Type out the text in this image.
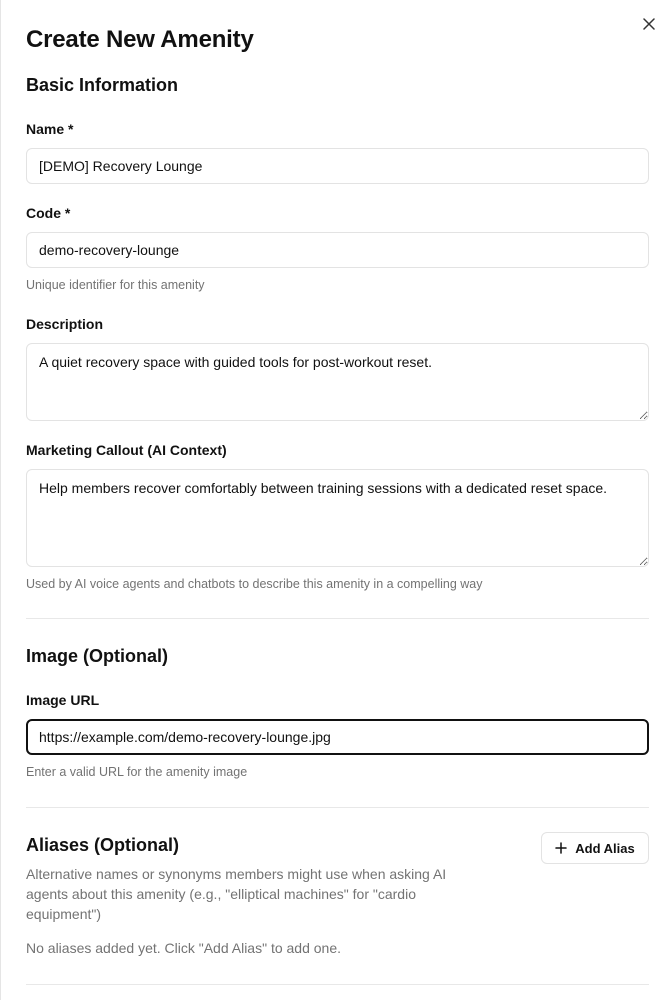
Create New Amenity
Basic Information
Name *
[DEMO] Recovery Lounge
Code *
demo-recovery-lounge
Unique identifier for this amenity
Description
A quiet recovery space with guided tools for post-workout reset.
Marketing Callout (AI Context)
Help members recover comfortably between training sessions with a dedicated reset space.
Used by AI voice agents and chatbots to describe this amenity in a compelling way
Image (Optional)
Image URL
https://example.com/demo-recovery-lounge.jpg
Enter a valid URL for the amenity image
Aliases (Optional)	Add Alias
Alternative names or synonyms members might use when asking AI agents about this amenity (e.g., "elliptical machines" for "cardio equipment")
No aliases added yet. Click "Add Alias" to add one.
